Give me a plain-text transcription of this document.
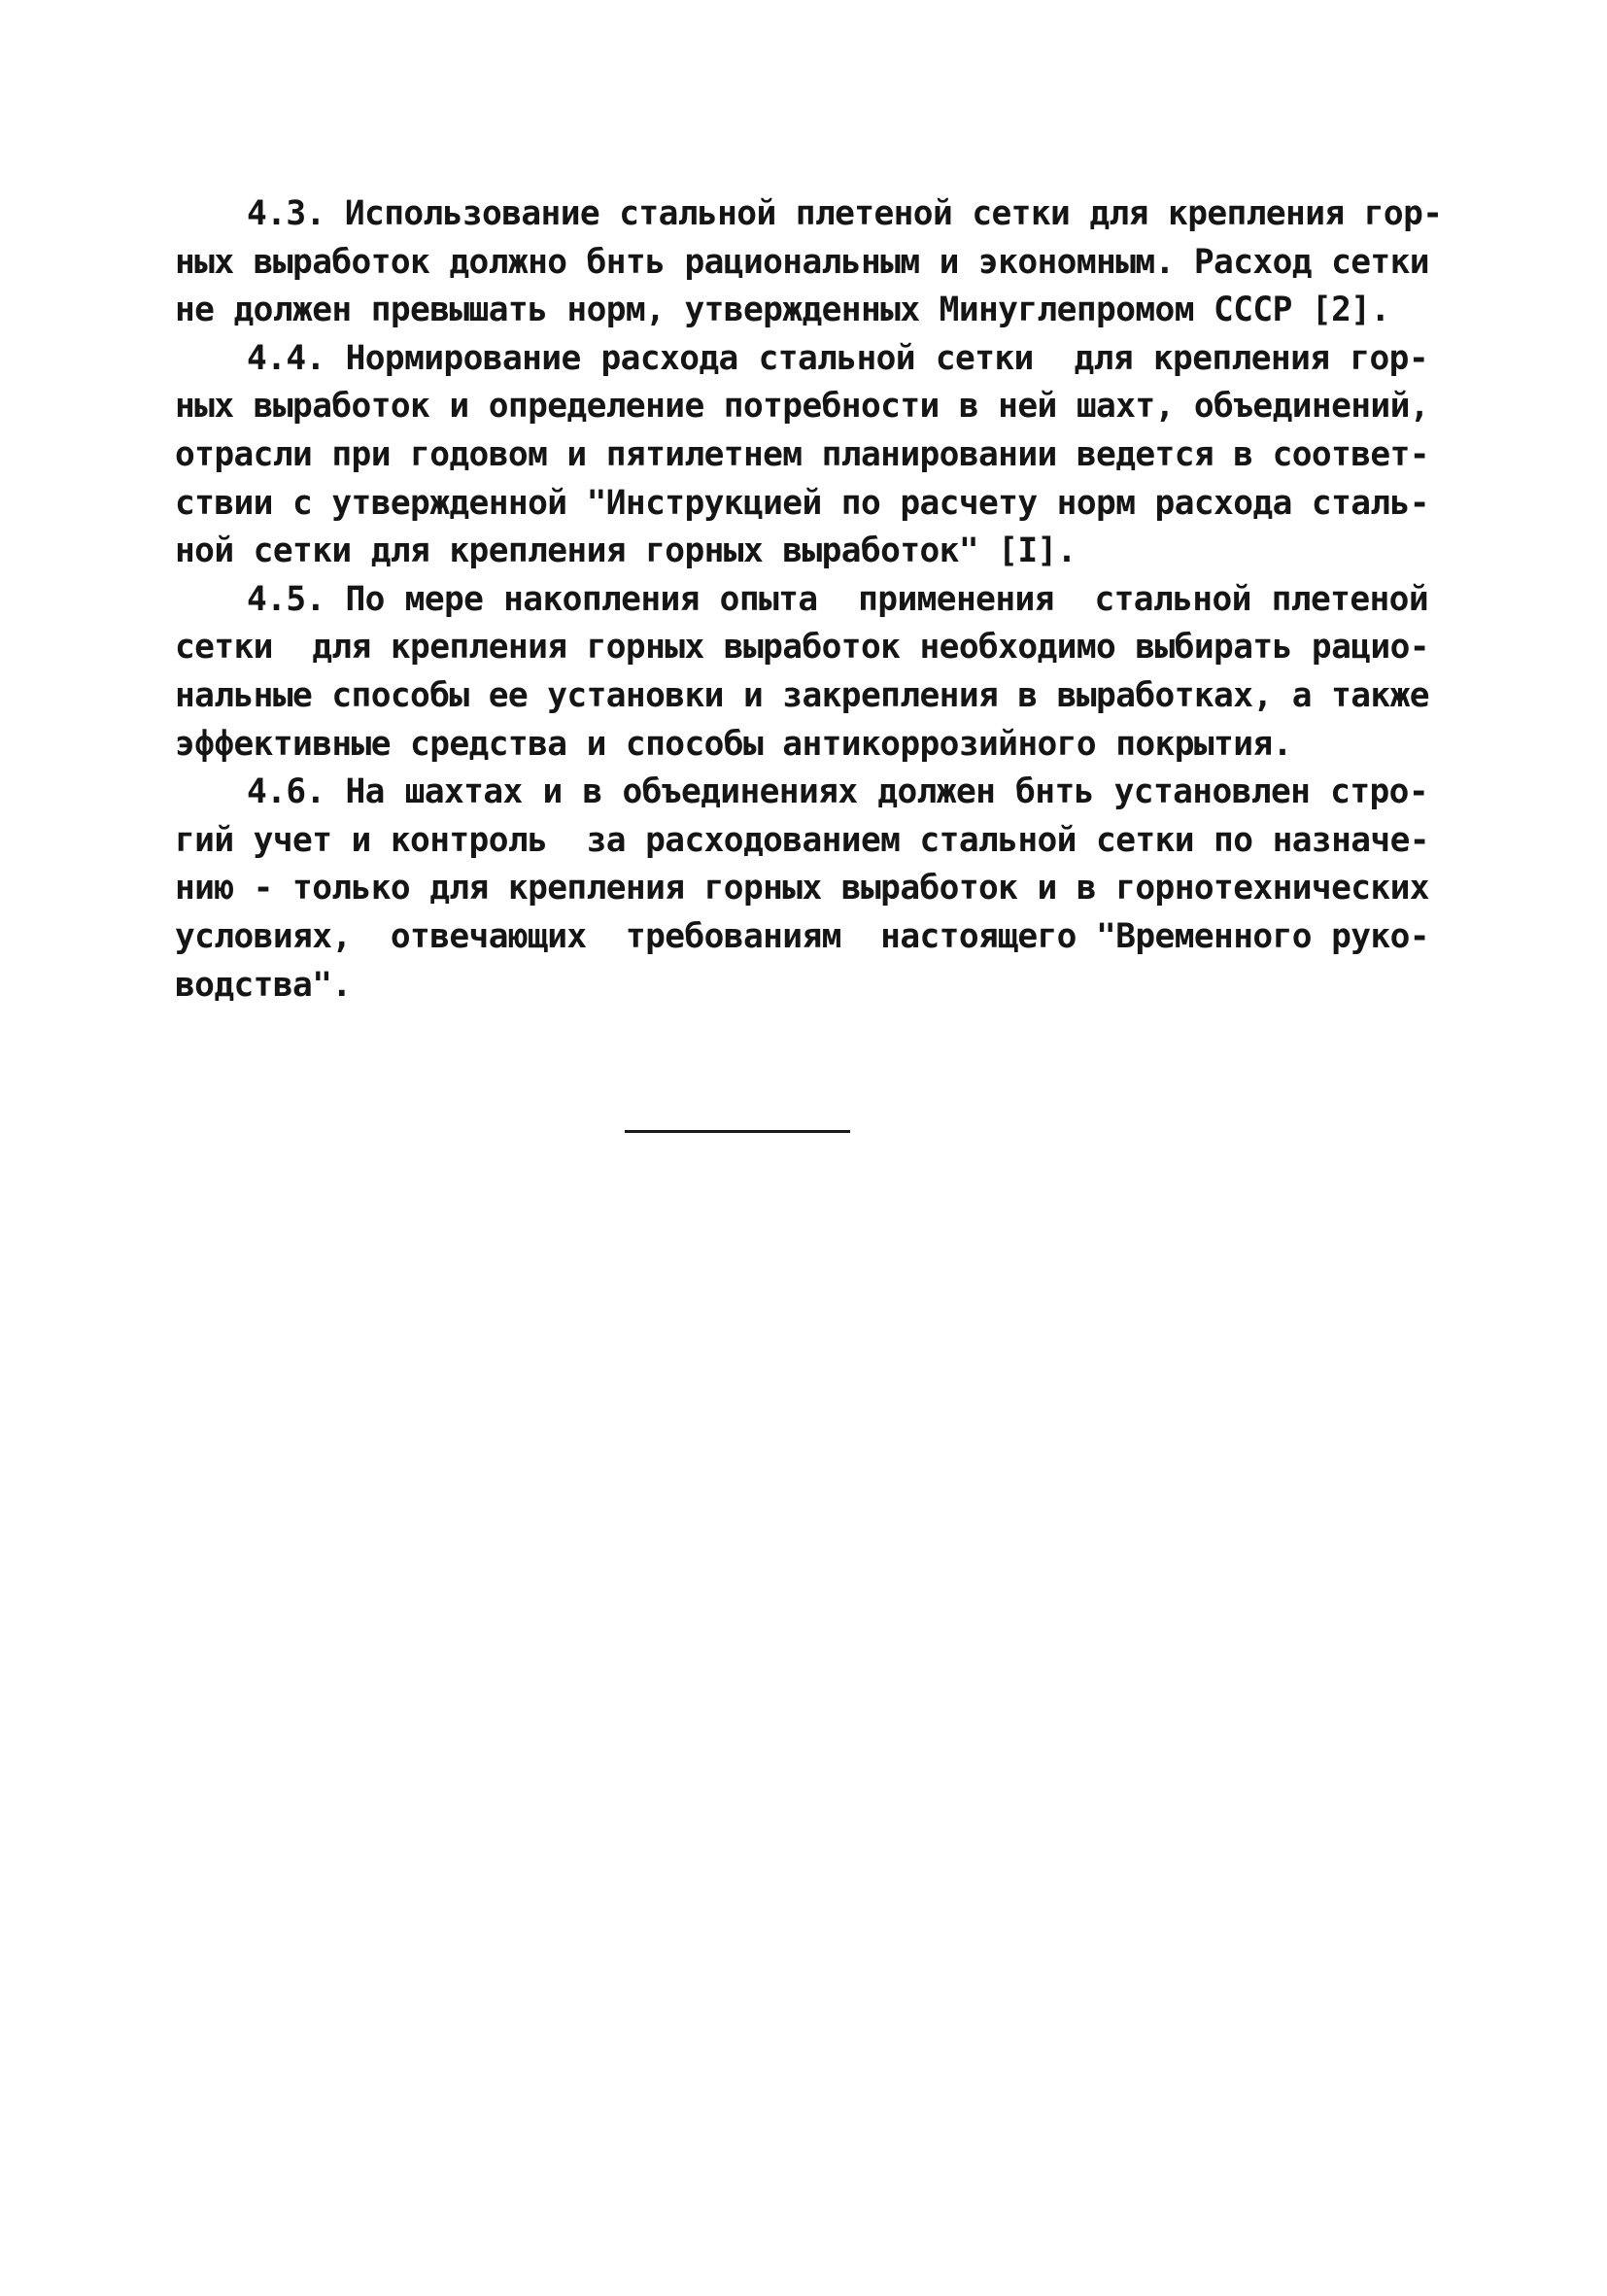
4.3. Использование стальной плетеной сетки для крепления гор-
ных выработок должно бнть рациональным и экономным. Расход сетки
не должен превышать норм, утвержденных Минуглепромом СССР [2].
4.4. Нормирование расхода стальной сетки  для крепления гор-
ных выработок и определение потребности в ней шахт, объединений,
отрасли при годовом и пятилетнем планировании ведется в соответ-
ствии с утвержденной "Инструкцией по расчету норм расхода сталь-
ной сетки для крепления горных выработок" [I].
4.5. По мере накопления опыта  применения  стальной плетеной
сетки  для крепления горных выработок необходимо выбирать рацио-
нальные способы ее установки и закрепления в выработках, а также
эффективные средства и способы антикоррозийного покрытия.
4.6. На шахтах и в объединениях должен бнть установлен стро-
гий учет и контроль  за расходованием стальной сетки по назначе-
нию - только для крепления горных выработок и в горнотехнических
условиях,  отвечающих  требованиям  настоящего "Временного руко-
водства".
